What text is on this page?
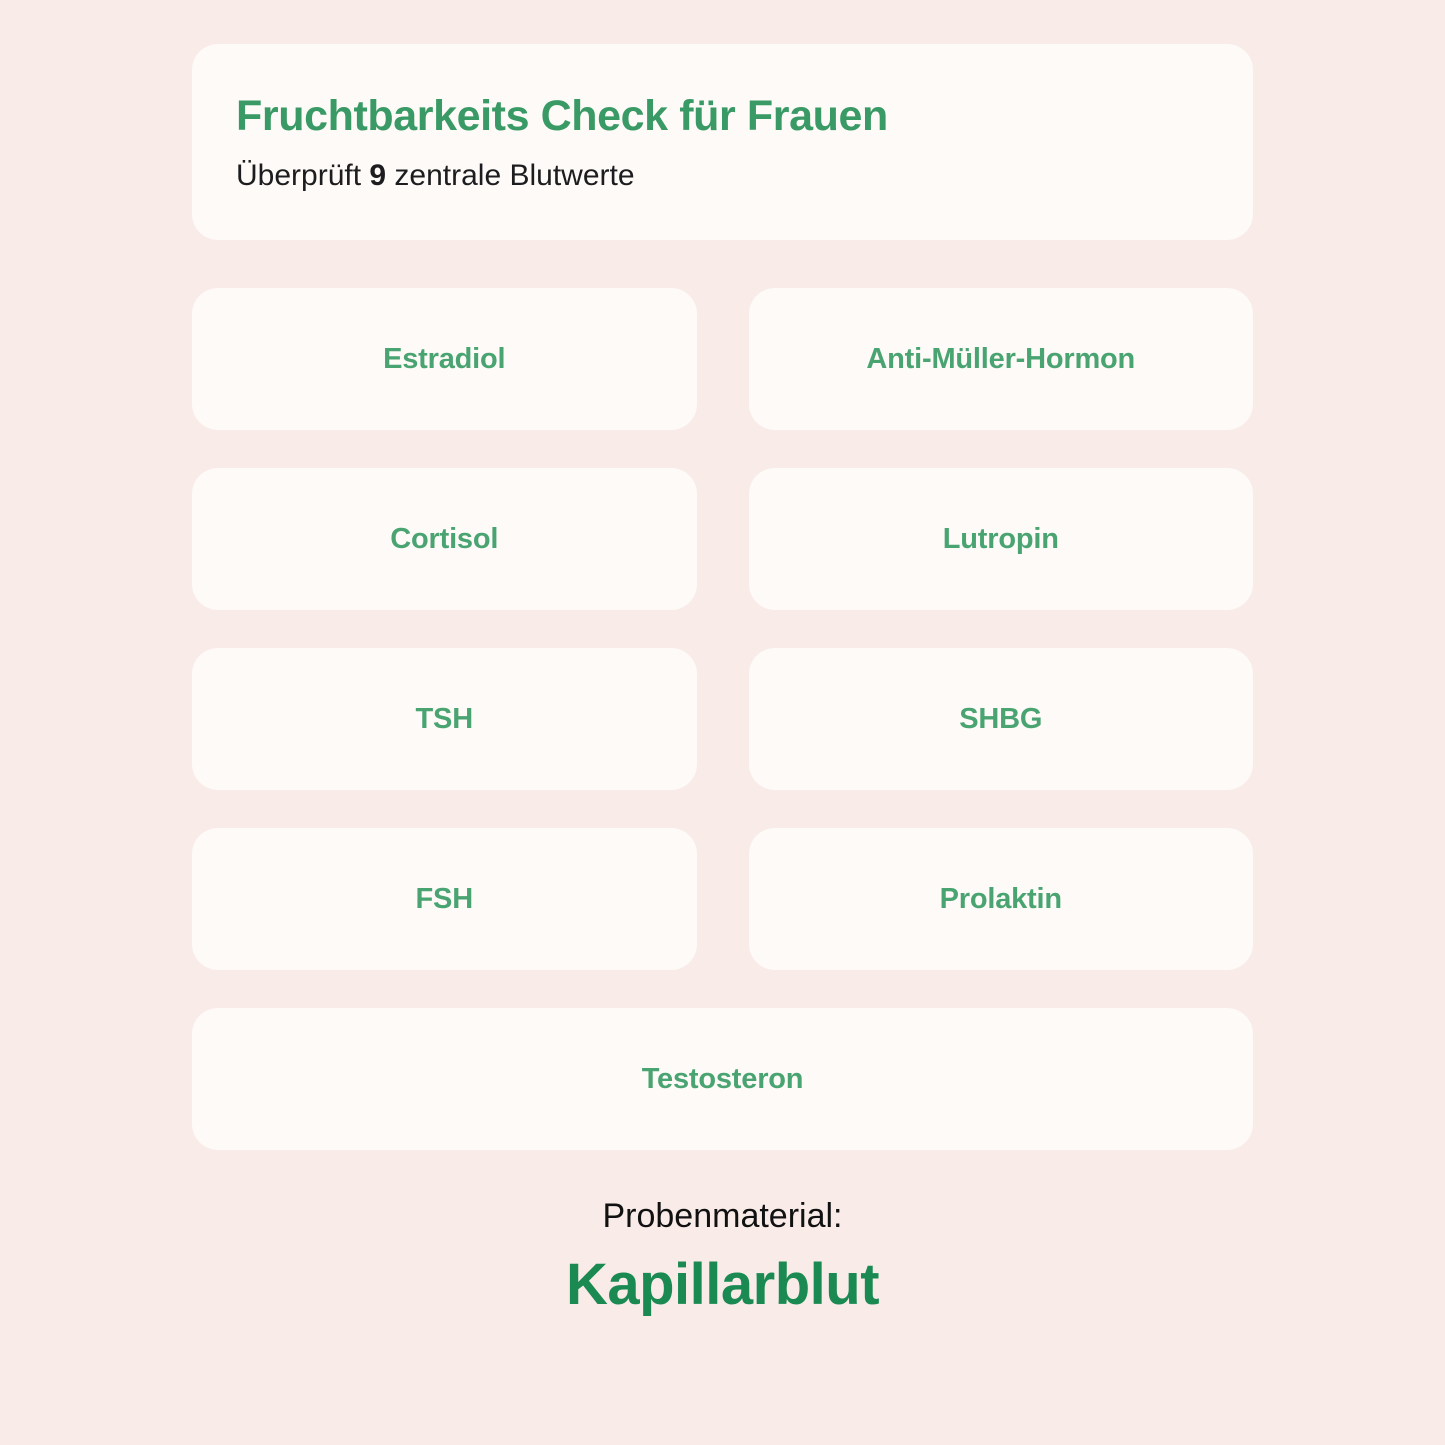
Fruchtbarkeits Check für Frauen

Überprüft 9 zentrale Blutwerte

Estradiol	Anti-Müller-Hormon
Cortisol	Lutropin
TSH	SHBG
FSH	Prolaktin
Testosteron

Probenmaterial:

Kapillarblut
